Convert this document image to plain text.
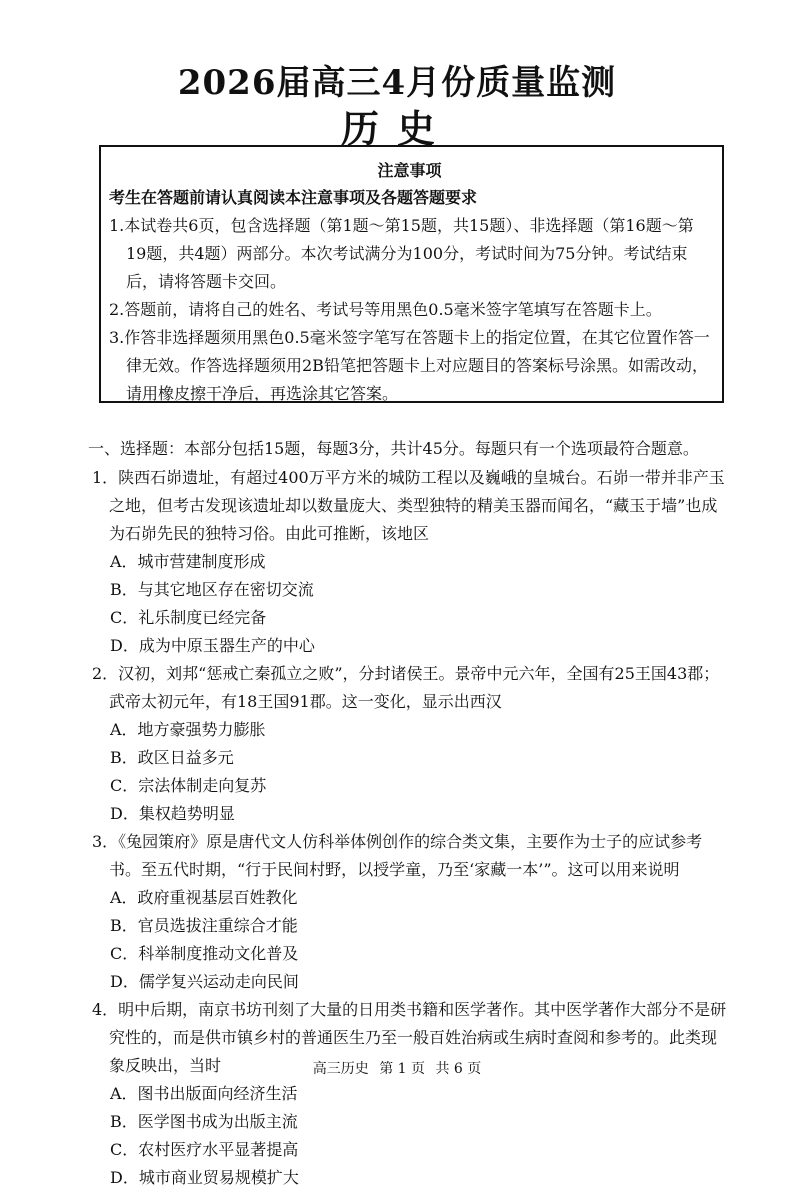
2026届高三4月份质量监测
历史
注意事项
考生在答题前请认真阅读本注意事项及各题答题要求
1.本试卷共6页，包含选择题（第1题～第15题，共15题）、非选择题（第16题～第19题，共4题）两部分。本次考试满分为100分，考试时间为75分钟。考试结束后，请将答题卡交回。
2.答题前，请将自己的姓名、考试号等用黑色0.5毫米签字笔填写在答题卡上。
3.作答非选择题须用黑色0.5毫米签字笔写在答题卡上的指定位置，在其它位置作答一律无效。作答选择题须用2B铅笔把答题卡上对应题目的答案标号涂黑。如需改动，请用橡皮擦干净后，再选涂其它答案。
一、选择题：本部分包括15题，每题3分，共计45分。每题只有一个选项最符合题意。
1．陕西石峁遗址，有超过400万平方米的城防工程以及巍峨的皇城台。石峁一带并非产玉之地，但考古发现该遗址却以数量庞大、类型独特的精美玉器而闻名，“藏玉于墙”也成为石峁先民的独特习俗。由此可推断，该地区
A．城市营建制度形成
B．与其它地区存在密切交流
C．礼乐制度已经完备
D．成为中原玉器生产的中心
2．汉初，刘邦“惩戒亡秦孤立之败”，分封诸侯王。景帝中元六年，全国有25王国43郡；武帝太初元年，有18王国91郡。这一变化，显示出西汉
A．地方豪强势力膨胀
B．政区日益多元
C．宗法体制走向复苏
D．集权趋势明显
3．《兔园策府》原是唐代文人仿科举体例创作的综合类文集，主要作为士子的应试参考书。至五代时期，“行于民间村野，以授学童，乃至‘家藏一本’”。这可以用来说明
A．政府重视基层百姓教化
B．官员选拔注重综合才能
C．科举制度推动文化普及
D．儒学复兴运动走向民间
4．明中后期，南京书坊刊刻了大量的日用类书籍和医学著作。其中医学著作大部分不是研究性的，而是供市镇乡村的普通医生乃至一般百姓治病或生病时查阅和参考的。此类现象反映出，当时
A．图书出版面向经济生活
B．医学图书成为出版主流
C．农村医疗水平显著提高
D．城市商业贸易规模扩大
高三历史 第 1 页 共 6 页
